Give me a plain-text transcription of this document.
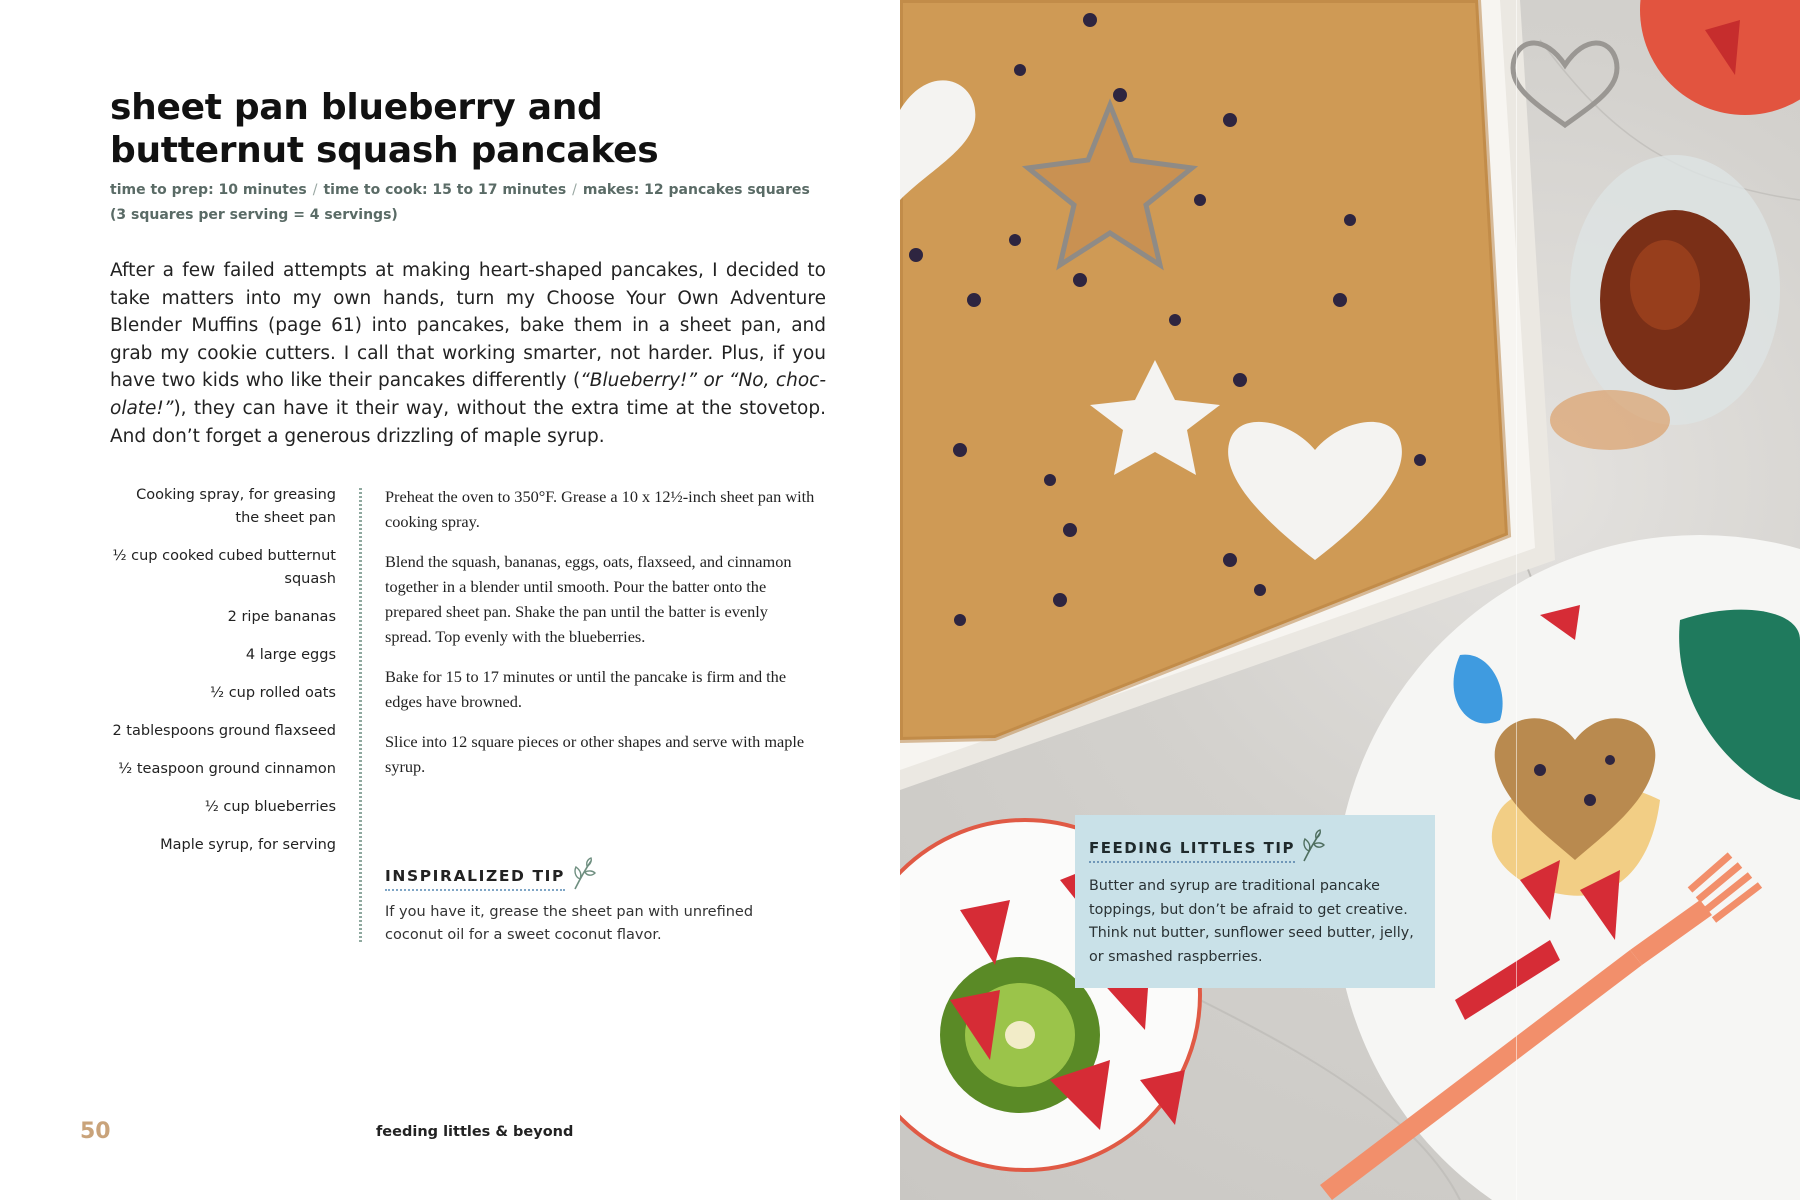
sheet pan blueberry and
butternut squash pancakes
time to prep: 10 minutes / time to cook: 15 to 17 minutes / makes: 12 pancakes squares
(3 squares per serving = 4 servings)

After a few failed attempts at making heart-shaped pancakes, I decided to take matters into my own hands, turn my Choose Your Own Adventure Blender Muffins (page 61) into pancakes, bake them in a sheet pan, and grab my cookie cutters. I call that working smarter, not harder. Plus, if you have two kids who like their pancakes differently (“Blueberry!” or “No, choc-olate!”), they can have it their way, without the extra time at the stovetop. And don’t forget a generous drizzling of maple syrup.

Cooking spray, for greasing the sheet pan
½ cup cooked cubed butternut squash
2 ripe bananas
4 large eggs
½ cup rolled oats
2 tablespoons ground flaxseed
½ teaspoon ground cinnamon
½ cup blueberries
Maple syrup, for serving

Preheat the oven to 350°F. Grease a 10 x 12½-inch sheet pan with cooking spray.

Blend the squash, bananas, eggs, oats, flaxseed, and cinnamon together in a blender until smooth. Pour the batter onto the prepared sheet pan. Shake the pan until the batter is evenly spread. Top evenly with the blueberries.

Bake for 15 to 17 minutes or until the pancake is firm and the edges have browned.

Slice into 12 square pieces or other shapes and serve with maple syrup.

INSPIRALIZED TIP

If you have it, grease the sheet pan with unrefined coconut oil for a sweet coconut flavor.

50	feeding littles & beyond
FEEDING LITTLES TIP

Butter and syrup are traditional pancake toppings, but don’t be afraid to get creative. Think nut butter, sunflower seed butter, jelly, or smashed raspberries.
